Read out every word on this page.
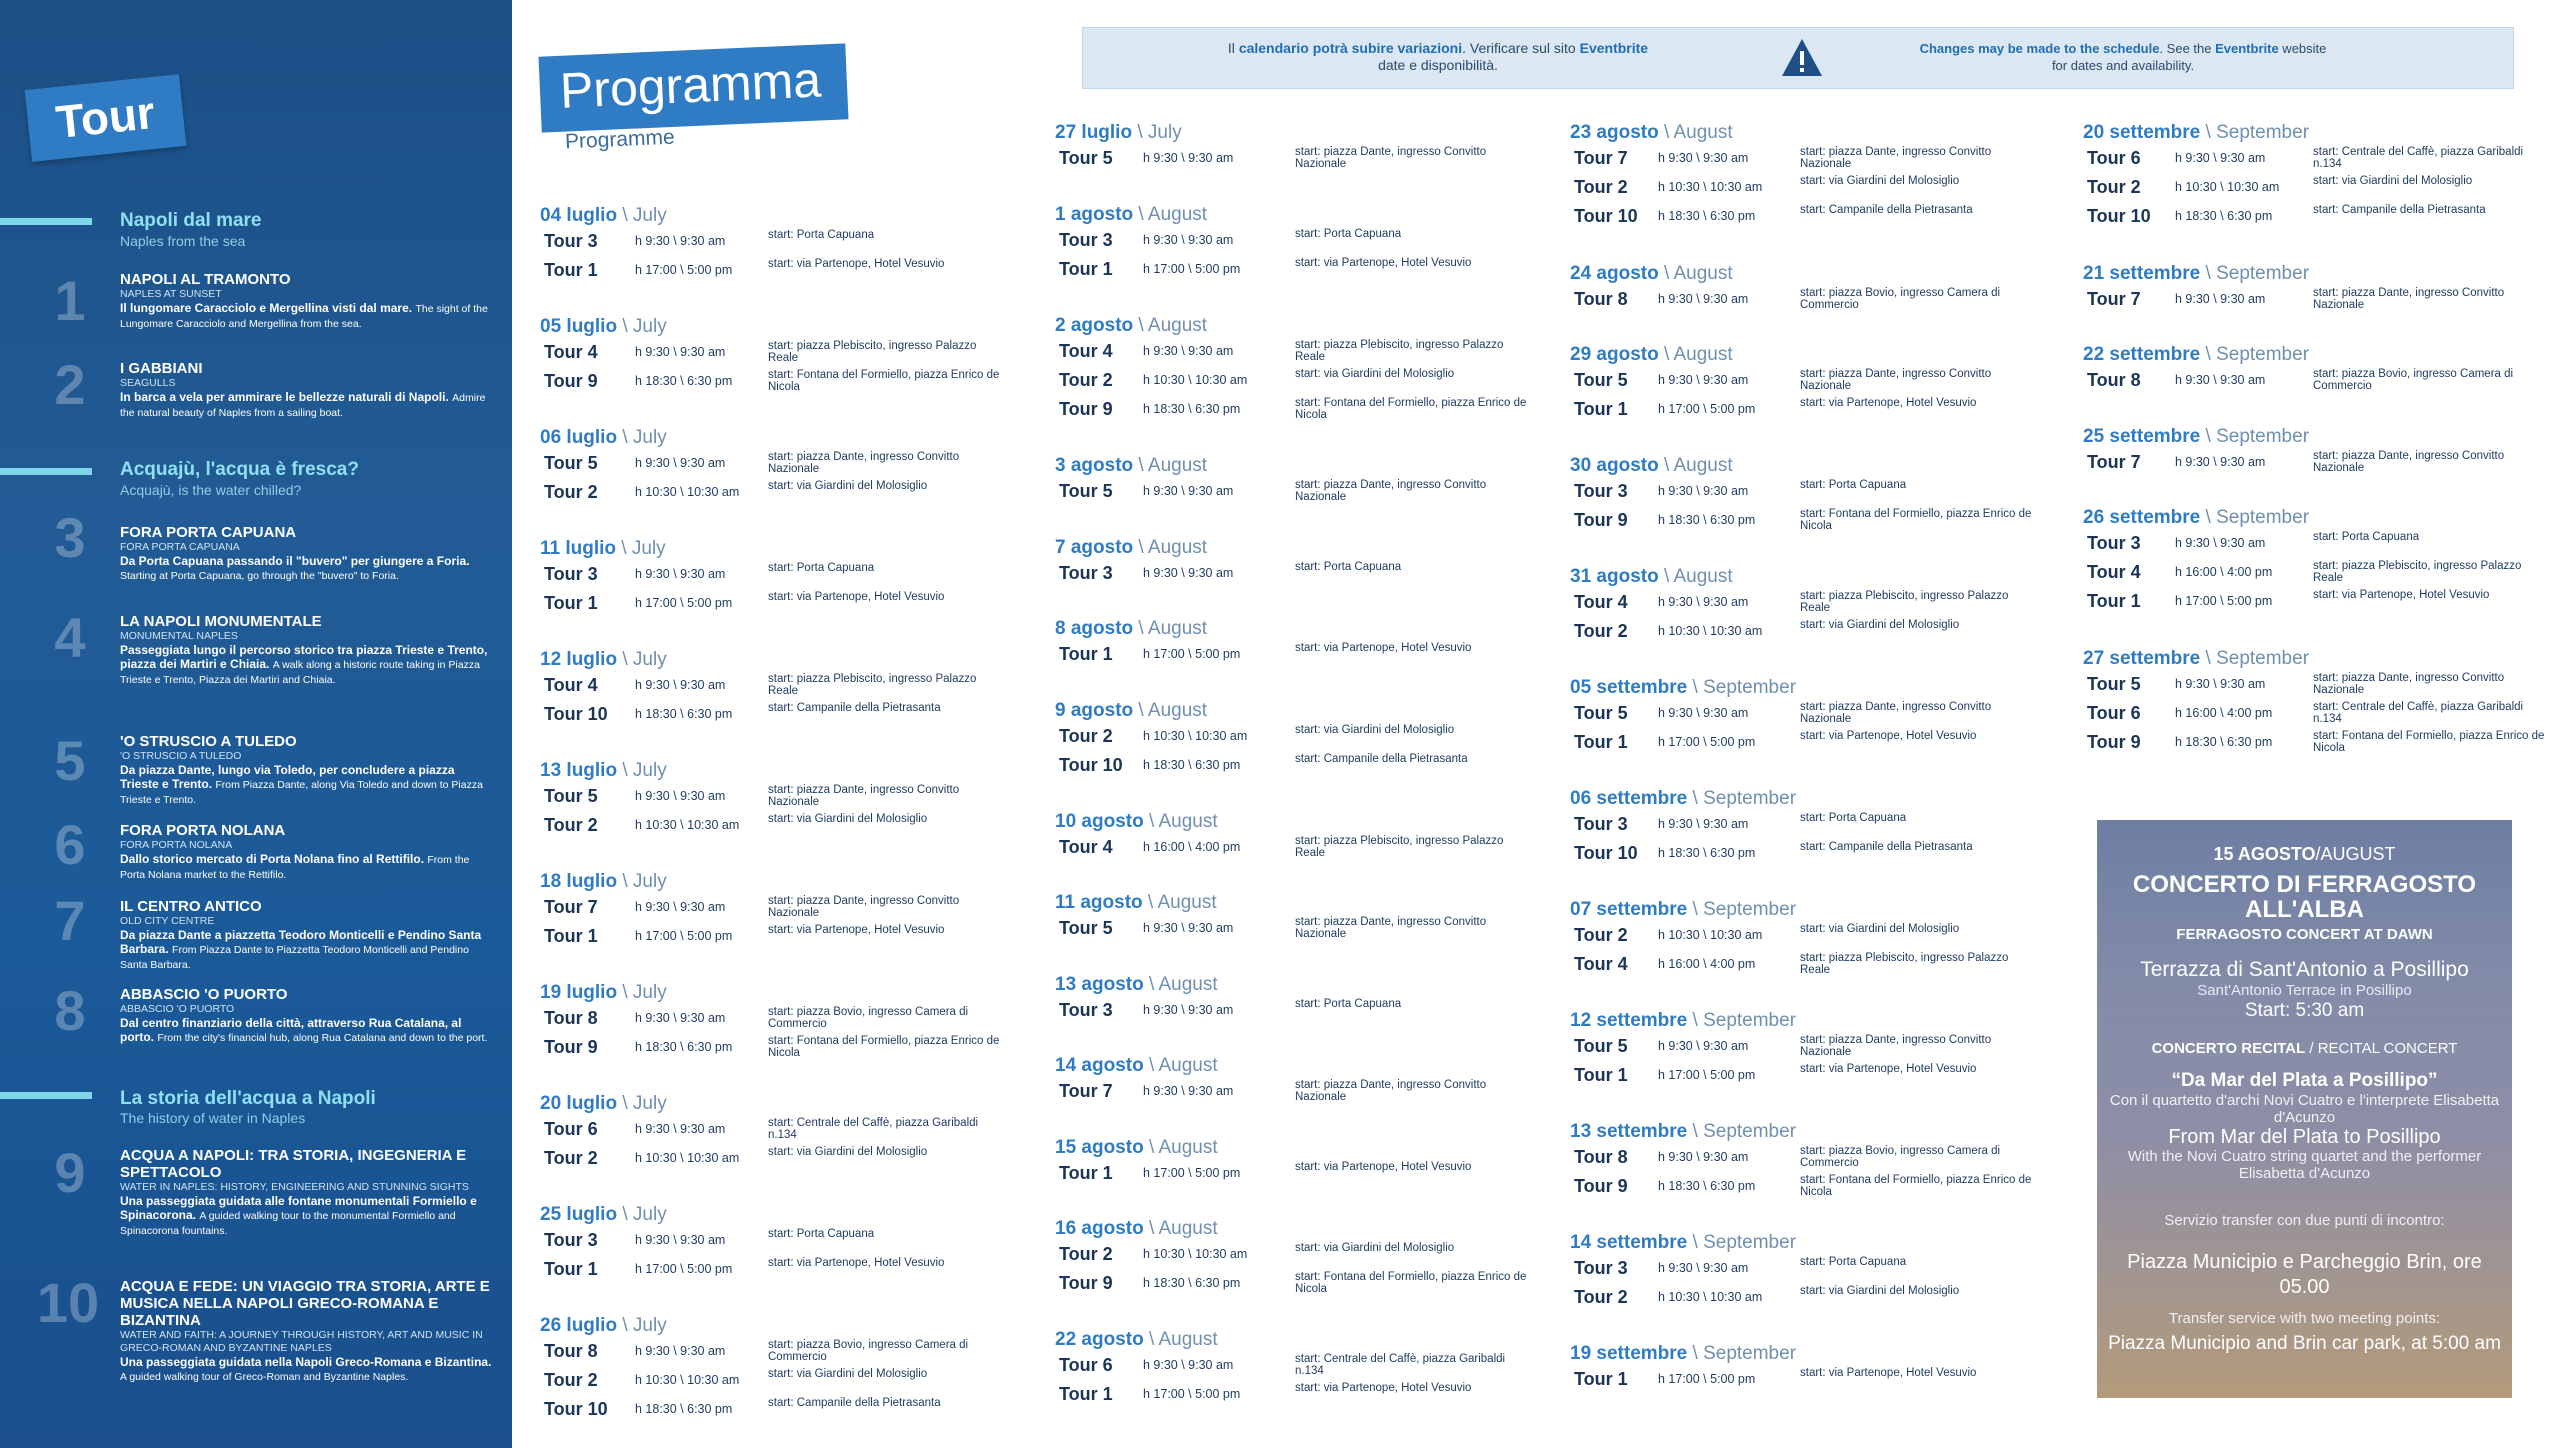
Tour
Napoli dal mare
Naples from the sea
Acquajù, l'acqua è fresca?
Acquajù, is the water chilled?
La storia dell'acqua a Napoli
The history of water in Naples
1	NAPOLI AL TRAMONTO
NAPLES AT SUNSET
Il lungomare Caracciolo e Mergellina visti dal mare. The sight of the Lungomare Caracciolo and Mergellina from the sea.
2	I GABBIANI
SEAGULLS
In barca a vela per ammirare le bellezze naturali di Napoli. Admire the natural beauty of Naples from a sailing boat.
3	FORA PORTA CAPUANA
FORA PORTA CAPUANA
Da Porta Capuana passando il "buvero" per giungere a Foria. Starting at Porta Capuana, go through the "buvero" to Foria.
4	LA NAPOLI MONUMENTALE
MONUMENTAL NAPLES
Passeggiata lungo il percorso storico tra piazza Trieste e Trento, piazza dei Martiri e Chiaia. A walk along a historic route taking in Piazza Trieste e Trento, Piazza dei Martiri and Chiaia.
5	'O STRUSCIO A TULEDO
'O STRUSCIO A TULEDO
Da piazza Dante, lungo via Toledo, per concludere a piazza Trieste e Trento. From Piazza Dante, along Via Toledo and down to Piazza Trieste e Trento.
6	FORA PORTA NOLANA
FORA PORTA NOLANA
Dallo storico mercato di Porta Nolana fino al Rettifilo. From the Porta Nolana market to the Rettifilo.
7	IL CENTRO ANTICO
OLD CITY CENTRE
Da piazza Dante a piazzetta Teodoro Monticelli e Pendino Santa Barbara. From Piazza Dante to Piazzetta Teodoro Monticelli and Pendino Santa Barbara.
8	ABBASCIO 'O PUORTO
ABBASCIO 'O PUORTO
Dal centro finanziario della città, attraverso Rua Catalana, al porto. From the city's financial hub, along Rua Catalana and down to the port.
9	ACQUA A NAPOLI: TRA STORIA, INGEGNERIA E SPETTACOLO
WATER IN NAPLES: HISTORY, ENGINEERING AND STUNNING SIGHTS
Una passeggiata guidata alle fontane monumentali Formiello e Spinacorona. A guided walking tour to the monumental Formiello and Spinacorona fountains.
10	ACQUA E FEDE: UN VIAGGIO TRA STORIA, ARTE E MUSICA NELLA NAPOLI GRECO-ROMANA E BIZANTINA
WATER AND FAITH: A JOURNEY THROUGH HISTORY, ART AND MUSIC IN GRECO-ROMAN AND BYZANTINE NAPLES
Una passeggiata guidata nella Napoli Greco-Romana e Bizantina. A guided walking tour of Greco-Roman and Byzantine Naples.
Programma
Programme
Il calendario potrà subire variazioni. Verificare sul sito Eventbrite date e disponibilità.
Changes may be made to the schedule. See the Eventbrite website for dates and availability.
04 luglio \ July
Tour 3	h 9:30 \ 9:30 am	start: Porta Capuana
Tour 1	h 17:00 \ 5:00 pm	start: via Partenope, Hotel Vesuvio
05 luglio \ July
Tour 4	h 9:30 \ 9:30 am	start: piazza Plebiscito, ingresso Palazzo Reale
Tour 9	h 18:30 \ 6:30 pm	start: Fontana del Formiello, piazza Enrico de Nicola
06 luglio \ July
Tour 5	h 9:30 \ 9:30 am	start: piazza Dante, ingresso Convitto Nazionale
Tour 2	h 10:30 \ 10:30 am	start: via Giardini del Molosiglio
11 luglio \ July
Tour 3	h 9:30 \ 9:30 am	start: Porta Capuana
Tour 1	h 17:00 \ 5:00 pm	start: via Partenope, Hotel Vesuvio
12 luglio \ July
Tour 4	h 9:30 \ 9:30 am	start: piazza Plebiscito, ingresso Palazzo Reale
Tour 10 h 18:30 \ 6:30 pm	start: Campanile della Pietrasanta
13 luglio \ July
Tour 5	h 9:30 \ 9:30 am	start: piazza Dante, ingresso Convitto Nazionale
Tour 2	h 10:30 \ 10:30 am	start: via Giardini del Molosiglio
18 luglio \ July
Tour 7	h 9:30 \ 9:30 am	start: piazza Dante, ingresso Convitto Nazionale
Tour 1	h 17:00 \ 5:00 pm	start: via Partenope, Hotel Vesuvio
19 luglio \ July
Tour 8	h 9:30 \ 9:30 am	start: piazza Bovio, ingresso Camera di Commercio
Tour 9	h 18:30 \ 6:30 pm	start: Fontana del Formiello, piazza Enrico de Nicola
20 luglio \ July
Tour 6	h 9:30 \ 9:30 am	start: Centrale del Caffè, piazza Garibaldi n.134
Tour 2	h 10:30 \ 10:30 am	start: via Giardini del Molosiglio
25 luglio \ July
Tour 3	h 9:30 \ 9:30 am	start: Porta Capuana
Tour 1	h 17:00 \ 5:00 pm	start: via Partenope, Hotel Vesuvio
26 luglio \ July
Tour 8	h 9:30 \ 9:30 am	start: piazza Bovio, ingresso Camera di Commercio
Tour 2	h 10:30 \ 10:30 am	start: via Giardini del Molosiglio
Tour 10 h 18:30 \ 6:30 pm	start: Campanile della Pietrasanta
27 luglio \ July
Tour 5 h 9:30 \ 9:30 am	start: piazza Dante, ingresso Convitto Nazionale
1 agosto \ August
Tour 3 h 9:30 \ 9:30 am	start: Porta Capuana
Tour 1 h 17:00 \ 5:00 pm	start: via Partenope, Hotel Vesuvio
2 agosto \ August
Tour 4 h 9:30 \ 9:30 am	start: piazza Plebiscito, ingresso Palazzo Reale
Tour 2 h 10:30 \ 10:30 am	start: via Giardini del Molosiglio
Tour 9 h 18:30 \ 6:30 pm	start: Fontana del Formiello, piazza Enrico de Nicola
3 agosto \ August
Tour 5 h 9:30 \ 9:30 am	start: piazza Dante, ingresso Convitto Nazionale
7 agosto \ August
Tour 3 h 9:30 \ 9:30 am	start: Porta Capuana
8 agosto \ August
Tour 1 h 17:00 \ 5:00 pm	start: via Partenope, Hotel Vesuvio
9 agosto \ August
Tour 2 h 10:30 \ 10:30 am	start: via Giardini del Molosiglio
Tour 10 h 18:30 \ 6:30 pm	start: Campanile della Pietrasanta
10 agosto \ August
Tour 4 h 16:00 \ 4:00 pm	start: piazza Plebiscito, ingresso Palazzo Reale
11 agosto \ August
Tour 5 h 9:30 \ 9:30 am	start: piazza Dante, ingresso Convitto Nazionale
13 agosto \ August
Tour 3 h 9:30 \ 9:30 am	start: Porta Capuana
14 agosto \ August
Tour 7 h 9:30 \ 9:30 am	start: piazza Dante, ingresso Convitto Nazionale
15 agosto \ August
Tour 1 h 17:00 \ 5:00 pm	start: via Partenope, Hotel Vesuvio
16 agosto \ August
Tour 2 h 10:30 \ 10:30 am	start: via Giardini del Molosiglio
Tour 9 h 18:30 \ 6:30 pm	start: Fontana del Formiello, piazza Enrico de Nicola
22 agosto \ August
Tour 6 h 9:30 \ 9:30 am	start: Centrale del Caffè, piazza Garibaldi n.134
Tour 1 h 17:00 \ 5:00 pm	start: via Partenope, Hotel Vesuvio
23 agosto \ August
Tour 7 h 9:30 \ 9:30 am	start: piazza Dante, ingresso Convitto Nazionale
Tour 2 h 10:30 \ 10:30 am	start: via Giardini del Molosiglio
Tour 10 h 18:30 \ 6:30 pm	start: Campanile della Pietrasanta
24 agosto \ August
Tour 8 h 9:30 \ 9:30 am	start: piazza Bovio, ingresso Camera di Commercio
29 agosto \ August
Tour 5 h 9:30 \ 9:30 am	start: piazza Dante, ingresso Convitto Nazionale
Tour 1 h 17:00 \ 5:00 pm	start: via Partenope, Hotel Vesuvio
30 agosto \ August
Tour 3 h 9:30 \ 9:30 am	start: Porta Capuana
Tour 9 h 18:30 \ 6:30 pm	start: Fontana del Formiello, piazza Enrico de Nicola
31 agosto \ August
Tour 4 h 9:30 \ 9:30 am	start: piazza Plebiscito, ingresso Palazzo Reale
Tour 2 h 10:30 \ 10:30 am	start: via Giardini del Molosiglio
05 settembre \ September
Tour 5 h 9:30 \ 9:30 am	start: piazza Dante, ingresso Convitto Nazionale
Tour 1 h 17:00 \ 5:00 pm	start: via Partenope, Hotel Vesuvio
06 settembre \ September
Tour 3 h 9:30 \ 9:30 am	start: Porta Capuana
Tour 10 h 18:30 \ 6:30 pm	start: Campanile della Pietrasanta
07 settembre \ September
Tour 2 h 10:30 \ 10:30 am	start: via Giardini del Molosiglio
Tour 4 h 16:00 \ 4:00 pm	start: piazza Plebiscito, ingresso Palazzo Reale
12 settembre \ September
Tour 5 h 9:30 \ 9:30 am	start: piazza Dante, ingresso Convitto Nazionale
Tour 1 h 17:00 \ 5:00 pm	start: via Partenope, Hotel Vesuvio
13 settembre \ September
Tour 8 h 9:30 \ 9:30 am	start: piazza Bovio, ingresso Camera di Commercio
Tour 9 h 18:30 \ 6:30 pm	start: Fontana del Formiello, piazza Enrico de Nicola
14 settembre \ September
Tour 3 h 9:30 \ 9:30 am	start: Porta Capuana
Tour 2 h 10:30 \ 10:30 am	start: via Giardini del Molosiglio
19 settembre \ September
Tour 1 h 17:00 \ 5:00 pm	start: via Partenope, Hotel Vesuvio
20 settembre \ September
Tour 6	h 9:30 \ 9:30 am	start: Centrale del Caffè, piazza Garibaldi n.134
Tour 2	h 10:30 \ 10:30 am	start: via Giardini del Molosiglio
Tour 10 h 18:30 \ 6:30 pm	start: Campanile della Pietrasanta
21 settembre \ September
Tour 7	h 9:30 \ 9:30 am	start: piazza Dante, ingresso Convitto Nazionale
22 settembre \ September
Tour 8	h 9:30 \ 9:30 am	start: piazza Bovio, ingresso Camera di Commercio
25 settembre \ September
Tour 7	h 9:30 \ 9:30 am	start: piazza Dante, ingresso Convitto Nazionale
26 settembre \ September
Tour 3	h 9:30 \ 9:30 am	start: Porta Capuana
Tour 4	h 16:00 \ 4:00 pm	start: piazza Plebiscito, ingresso Palazzo Reale
Tour 1	h 17:00 \ 5:00 pm	start: via Partenope, Hotel Vesuvio
27 settembre \ September
Tour 5	h 9:30 \ 9:30 am	start: piazza Dante, ingresso Convitto Nazionale
Tour 6	h 16:00 \ 4:00 pm	start: Centrale del Caffè, piazza Garibaldi n.134
Tour 9	h 18:30 \ 6:30 pm	start: Fontana del Formiello, piazza Enrico de Nicola
15 AGOSTO/AUGUST
CONCERTO DI FERRAGOSTO ALL'ALBA
FERRAGOSTO CONCERT AT DAWN
Terrazza di Sant'Antonio a Posillipo
Sant'Antonio Terrace in Posillipo
Start: 5:30 am
CONCERTO RECITAL / RECITAL CONCERT
“Da Mar del Plata a Posillipo”
Con il quartetto d'archi Novi Cuatro e l'interprete Elisabetta d'Acunzo
From Mar del Plata to Posillipo
With the Novi Cuatro string quartet and the performer Elisabetta d'Acunzo
Servizio transfer con due punti di incontro:
Piazza Municipio e Parcheggio Brin, ore 05.00
Transfer service with two meeting points:
Piazza Municipio and Brin car park, at 5:00 am
